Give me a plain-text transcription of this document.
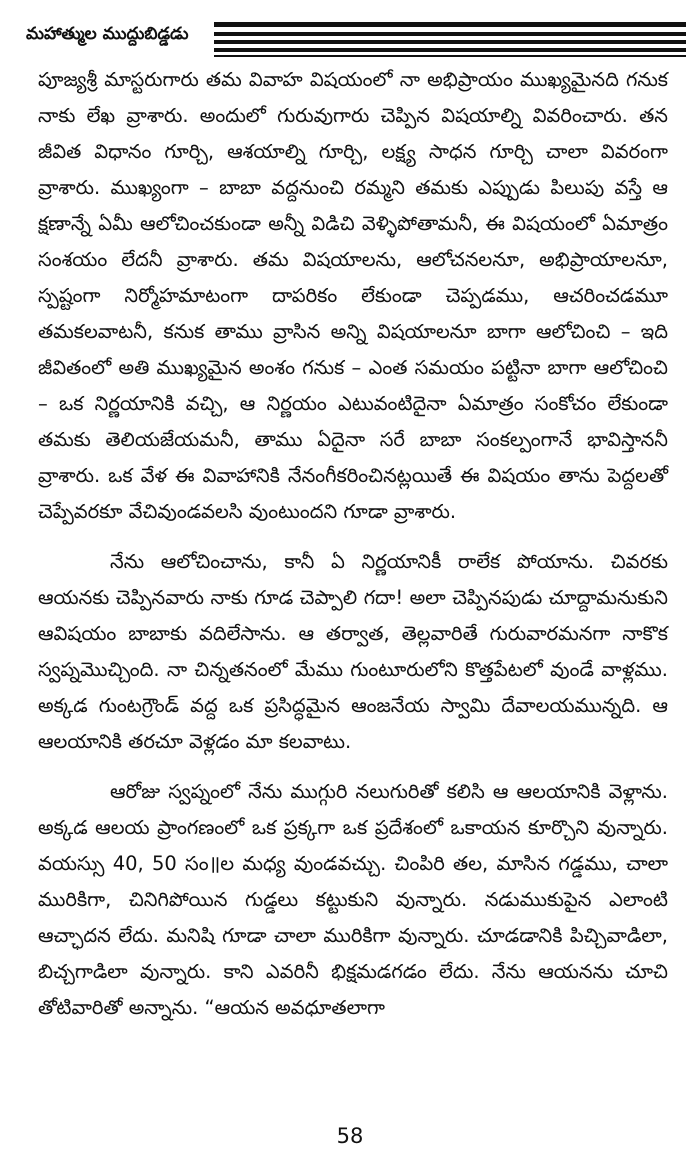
మహాత్ముల ముద్దుబిడ్డడు

పూజ్యశ్రీ మాస్టరుగారు తమ వివాహ విషయంలో నా అభిప్రాయం ముఖ్యమైనది గనుక నాకు లేఖ వ్రాశారు. అందులో గురువుగారు చెప్పిన విషయాల్ని వివరించారు. తన జీవిత విధానం గూర్చి, ఆశయాల్ని గూర్చి, లక్ష్య సాధన గూర్చి చాలా వివరంగా వ్రాశారు. ముఖ్యంగా – బాబా వద్దనుంచి రమ్మని తమకు ఎప్పుడు పిలుపు వస్తే ఆ క్షణాన్నే ఏమీ ఆలోచించకుండా అన్నీ విడిచి వెళ్ళిపోతామనీ, ఈ విషయంలో ఏమాత్రం సంశయం లేదనీ వ్రాశారు. తమ విషయాలను, ఆలోచనలనూ, అభిప్రాయాలనూ, స్పష్టంగా నిర్మోహమాటంగా దాపరికం లేకుండా చెప్పడము, ఆచరించడమూ తమకలవాటనీ, కనుక తాము వ్రాసిన అన్ని విషయాలనూ బాగా ఆలోచించి – ఇది జీవితంలో అతి ముఖ్యమైన అంశం గనుక – ఎంత సమయం పట్టినా బాగా ఆలోచించి – ఒక నిర్ణయానికి వచ్చి, ఆ నిర్ణయం ఎటువంటిదైనా ఏమాత్రం సంకోచం లేకుండా తమకు తెలియజేయమనీ, తాము ఏదైనా సరే బాబా సంకల్పంగానే భావిస్తాననీ వ్రాశారు. ఒక వేళ ఈ వివాహానికి నేనంగీకరించినట్లయితే ఈ విషయం తాను పెద్దలతో చెప్పేవరకూ వేచివుండవలసి వుంటుందని గూడా వ్రాశారు.

నేను ఆలోచించాను, కానీ ఏ నిర్ణయానికీ రాలేక పోయాను. చివరకు ఆయనకు చెప్పినవారు నాకు గూడ చెప్పాలి గదా! అలా చెప్పినపుడు చూద్దామనుకుని ఆవిషయం బాబాకు వదిలేసాను. ఆ తర్వాత, తెల్లవారితే గురువారమనగా నాకొక స్వప్నమొచ్చింది. నా చిన్నతనంలో మేము గుంటూరులోని కొత్తపేటలో వుండే వాళ్లము. అక్కడ గుంటగ్రౌండ్ వద్ద ఒక ప్రసిద్ధమైన ఆంజనేయ స్వామి దేవాలయమున్నది. ఆ ఆలయానికి తరచూ వెళ్లడం మా కలవాటు.

ఆరోజు స్వప్నంలో నేను ముగ్గురి నలుగురితో కలిసి ఆ ఆలయానికి వెళ్లాను. అక్కడ ఆలయ ప్రాంగణంలో ఒక ప్రక్కగా ఒక ప్రదేశంలో ఒకాయన కూర్చొని వున్నారు. వయస్సు 40, 50 సం॥ల మధ్య వుండవచ్చు. చింపిరి తల, మాసిన గడ్డము, చాలా మురికిగా, చినిగిపోయిన గుడ్డలు కట్టుకుని వున్నారు. నడుముకుపైన ఎలాంటి ఆచ్ఛాదన లేదు. మనిషి గూడా చాలా మురికిగా వున్నారు. చూడడానికి పిచ్చివాడిలా, బిచ్చగాడిలా వున్నారు. కాని ఎవరినీ భిక్షమడగడం లేదు. నేను ఆయనను చూచి తోటివారితో అన్నాను. “ఆయన అవధూతలాగా

58
